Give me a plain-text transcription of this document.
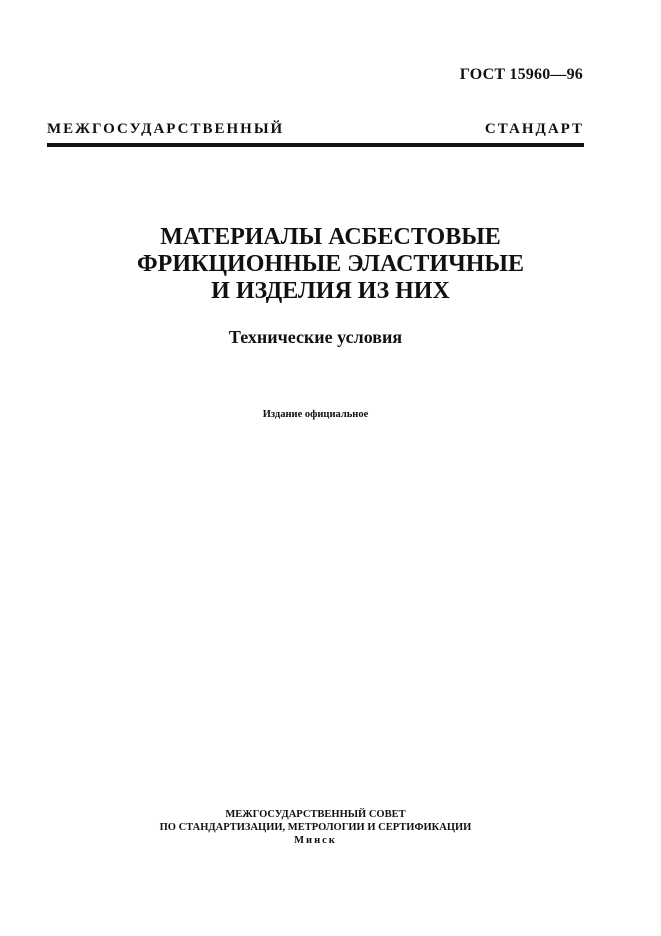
ГОСТ 15960—96
МЕЖГОСУДАРСТВЕННЫЙ СТАНДАРТ
МАТЕРИАЛЫ АСБЕСТОВЫЕ
ФРИКЦИОННЫЕ ЭЛАСТИЧНЫЕ
И ИЗДЕЛИЯ ИЗ НИХ
Технические условия
Издание официальное
МЕЖГОСУДАРСТВЕННЫЙ СОВЕТ
ПО СТАНДАРТИЗАЦИИ, МЕТРОЛОГИИ И СЕРТИФИКАЦИИ
Минск
